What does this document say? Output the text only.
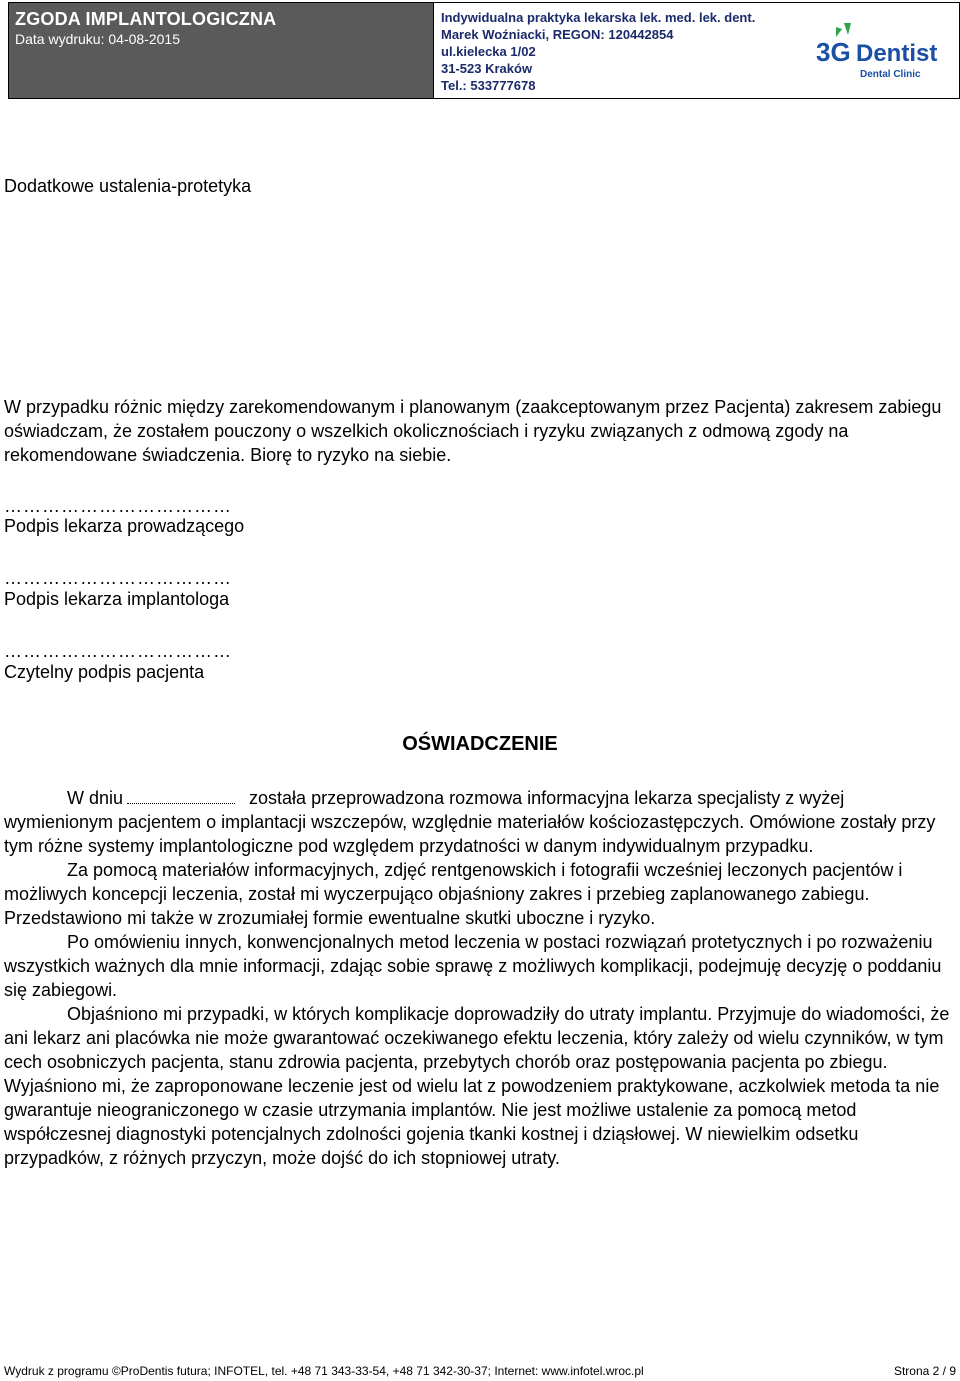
ZGODA IMPLANTOLOGICZNA
Data wydruku: 04-08-2015
Indywidualna praktyka lekarska lek. med. lek. dent.
Marek Woźniacki, REGON: 120442854
ul.kielecka 1/02
31-523 Kraków
Tel.: 533777678
3G Dentist
Dental Clinic
Dodatkowe ustalenia-protetyka
W przypadku różnic między zarekomendowanym i planowanym (zaakceptowanym przez Pacjenta) zakresem zabiegu oświadczam, że zostałem pouczony o wszelkich okolicznościach i ryzyku związanych z odmową zgody na rekomendowane świadczenia. Biorę to ryzyko na siebie.
………………………………
Podpis lekarza prowadzącego
………………………………
Podpis lekarza implantologa
………………………………
Czytelny podpis pacjenta
OŚWIADCZENIE

W dniu	została przeprowadzona rozmowa informacyjna lekarza specjalisty z wyżej wymienionym pacjentem o implantacji wszczepów, względnie materiałów kościozastępczych. Omówione zostały przy tym różne systemy implantologiczne pod względem przydatności w danym indywidualnym przypadku.

Za pomocą materiałów informacyjnych, zdjęć rentgenowskich i fotografii wcześniej leczonych pacjentów i możliwych koncepcji leczenia, został mi wyczerpująco objaśniony zakres i przebieg zaplanowanego zabiegu. Przedstawiono mi także w zrozumiałej formie ewentualne skutki uboczne i ryzyko.

Po omówieniu innych, konwencjonalnych metod leczenia w postaci rozwiązań protetycznych i po rozważeniu wszystkich ważnych dla mnie informacji, zdając sobie sprawę z możliwych komplikacji, podejmuję decyzję o poddaniu się zabiegowi.

Objaśniono mi przypadki, w których komplikacje doprowadziły do utraty implantu. Przyjmuje do wiadomości, że ani lekarz ani placówka nie może gwarantować oczekiwanego efektu leczenia, który zależy od wielu czynników, w tym cech osobniczych pacjenta, stanu zdrowia pacjenta, przebytych chorób oraz postępowania pacjenta po zbiegu. Wyjaśniono mi, że zaproponowane leczenie jest od wielu lat z powodzeniem praktykowane, aczkolwiek metoda ta nie gwarantuje nieograniczonego w czasie utrzymania implantów. Nie jest możliwe ustalenie za pomocą metod współczesnej diagnostyki potencjalnych zdolności gojenia tkanki kostnej i dziąsłowej. W niewielkim odsetku przypadków, z różnych przyczyn, może dojść do ich stopniowej utraty.

Wydruk z programu ©ProDentis futura; INFOTEL, tel. +48 71 343-33-54, +48 71 342-30-37; Internet: www.infotel.wroc.pl	Strona 2 / 9
